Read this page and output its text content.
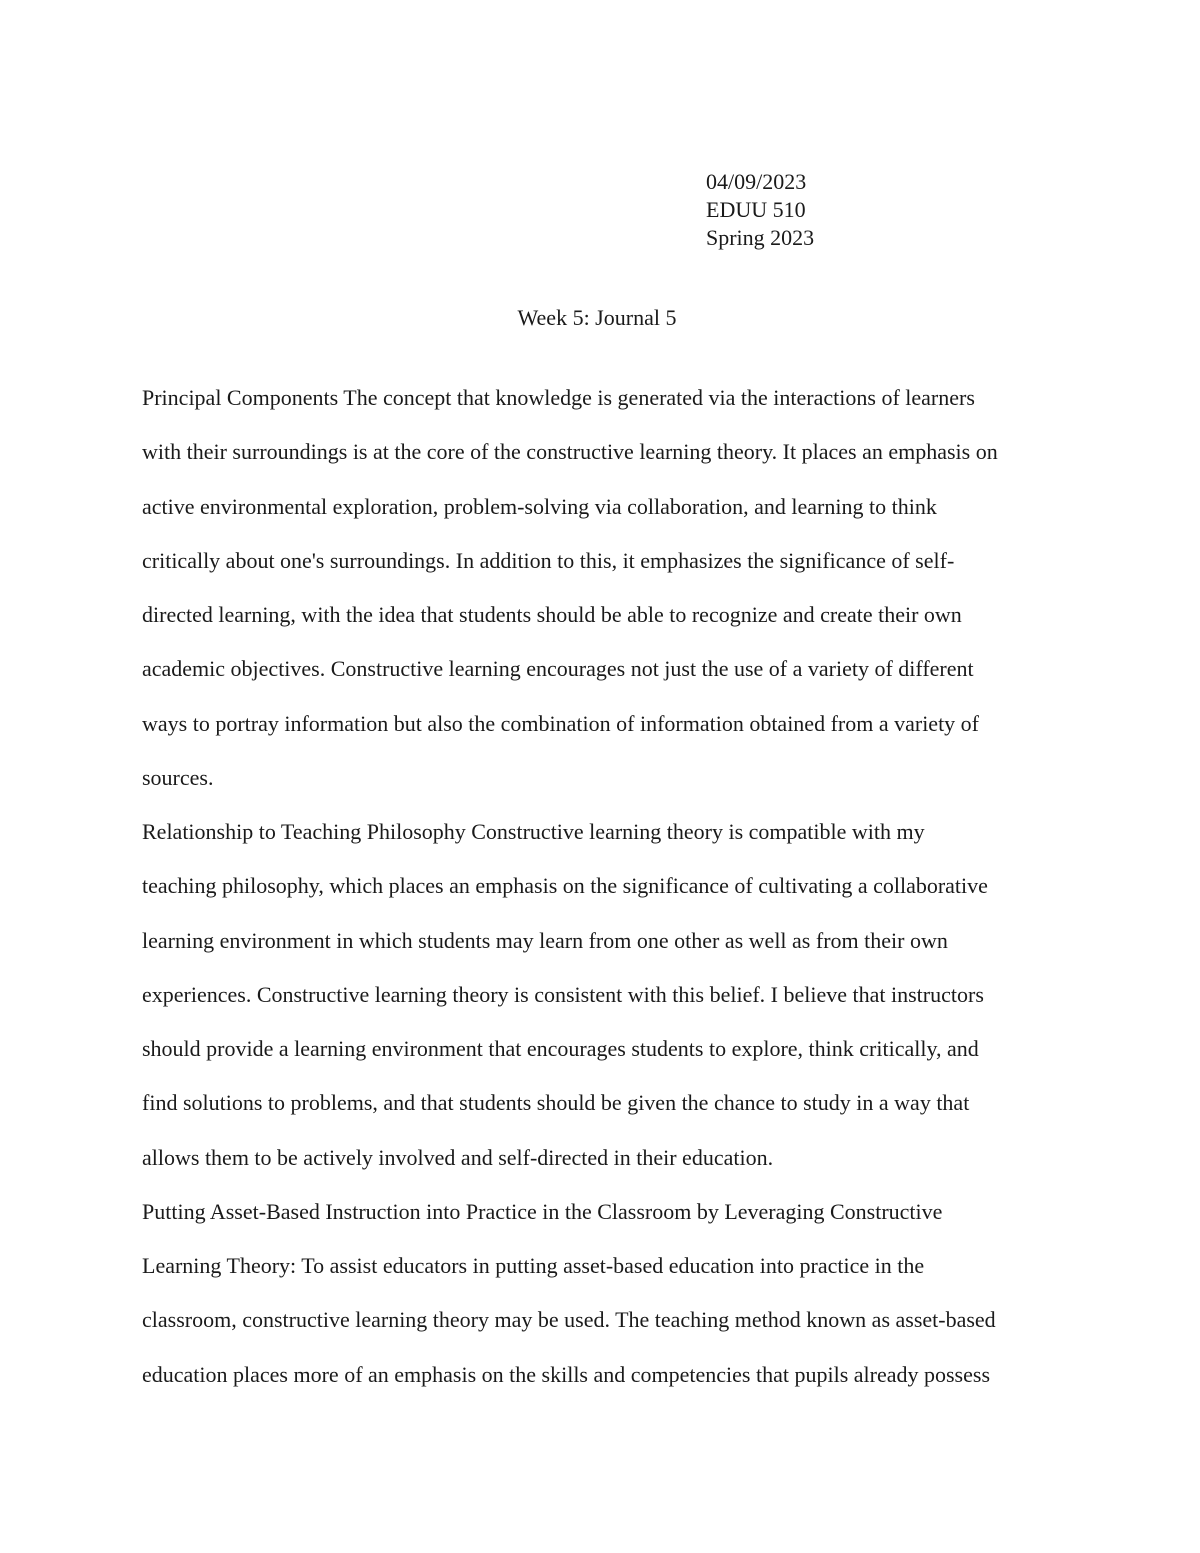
04/09/2023
EDUU 510
Spring 2023
Week 5: Journal 5
Principal Components The concept that knowledge is generated via the interactions of learners
with their surroundings is at the core of the constructive learning theory. It places an emphasis on
active environmental exploration, problem-solving via collaboration, and learning to think
critically about one's surroundings. In addition to this, it emphasizes the significance of self-
directed learning, with the idea that students should be able to recognize and create their own
academic objectives. Constructive learning encourages not just the use of a variety of different
ways to portray information but also the combination of information obtained from a variety of
sources.
Relationship to Teaching Philosophy Constructive learning theory is compatible with my
teaching philosophy, which places an emphasis on the significance of cultivating a collaborative
learning environment in which students may learn from one other as well as from their own
experiences. Constructive learning theory is consistent with this belief. I believe that instructors
should provide a learning environment that encourages students to explore, think critically, and
find solutions to problems, and that students should be given the chance to study in a way that
allows them to be actively involved and self-directed in their education.
Putting Asset-Based Instruction into Practice in the Classroom by Leveraging Constructive
Learning Theory: To assist educators in putting asset-based education into practice in the
classroom, constructive learning theory may be used. The teaching method known as asset-based
education places more of an emphasis on the skills and competencies that pupils already possess
